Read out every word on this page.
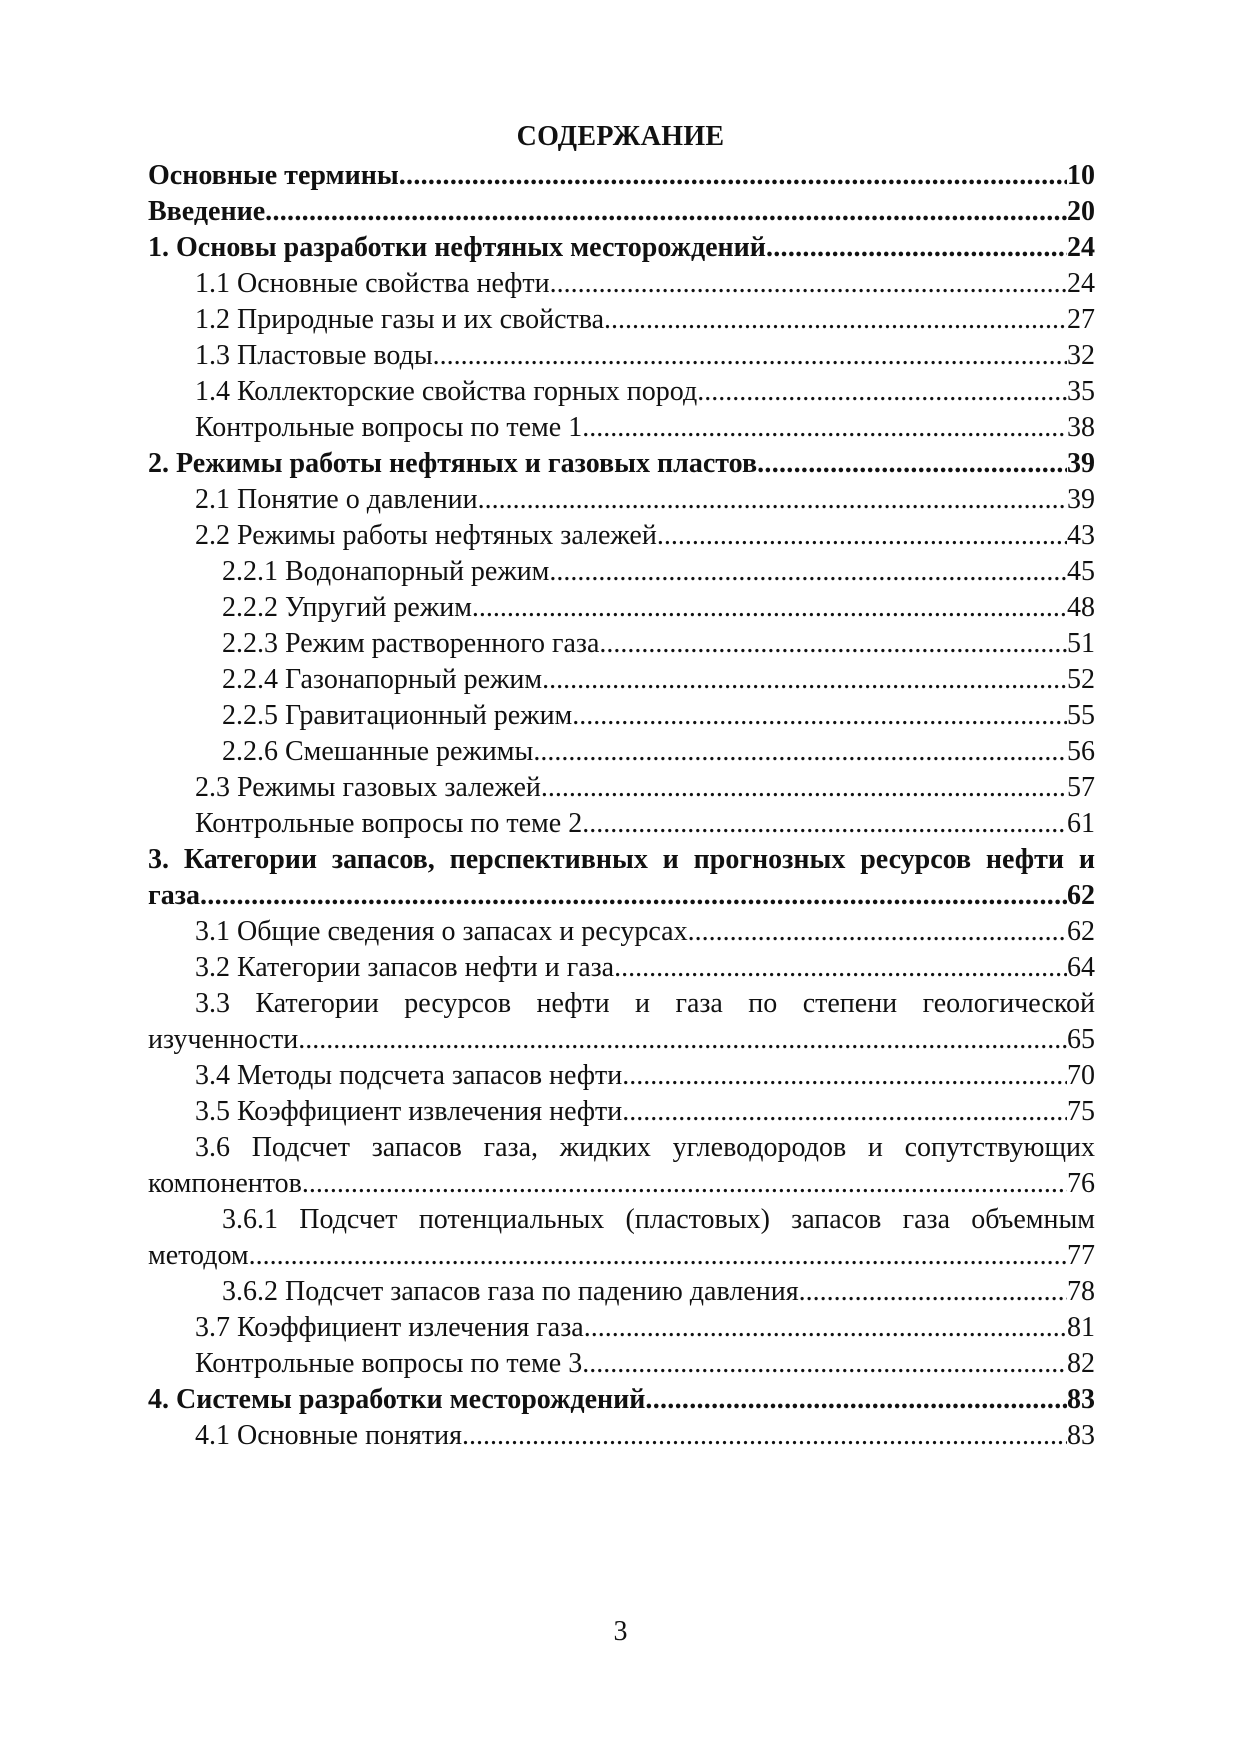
СОДЕРЖАНИЕ
Основные термины .....	10
Введение .....	20
1. Основы разработки нефтяных месторождений .....	24
1.1 Основные свойства нефти .....	24
1.2 Природные газы и их свойства .....	27
1.3 Пластовые воды .....	32
1.4 Коллекторские свойства горных пород .....	35
Контрольные вопросы по теме 1 .....	38
2. Режимы работы нефтяных и газовых пластов .....	39
2.1 Понятие о давлении .....	39
2.2 Режимы работы нефтяных залежей .....	43
2.2.1 Водонапорный режим .....	45
2.2.2 Упругий режим .....	48
2.2.3 Режим растворенного газа .....	51
2.2.4 Газонапорный режим .....	52
2.2.5 Гравитационный режим .....	55
2.2.6 Смешанные режимы .....	56
2.3 Режимы газовых залежей .....	57
Контрольные вопросы по теме 2 .....	61
3. Категории запасов, перспективных и прогнозных ресурсов нефти и
газа .....	62
3.1 Общие сведения о запасах и ресурсах .....	62
3.2 Категории запасов нефти и газа .....	64
3.3 Категории ресурсов нефти и газа по степени геологической
изученности .....	65
3.4 Методы подсчета запасов нефти .....	70
3.5 Коэффициент извлечения нефти .....	75
3.6 Подсчет запасов газа, жидких углеводородов и сопутствующих
компонентов .....	76
3.6.1 Подсчет потенциальных (пластовых) запасов газа объемным
методом .....	77
3.6.2 Подсчет запасов газа по падению давления .....	78
3.7 Коэффициент излечения газа .....	81
Контрольные вопросы по теме 3 .....	82
4. Системы разработки месторождений .....	83
4.1 Основные понятия .....	83
3
